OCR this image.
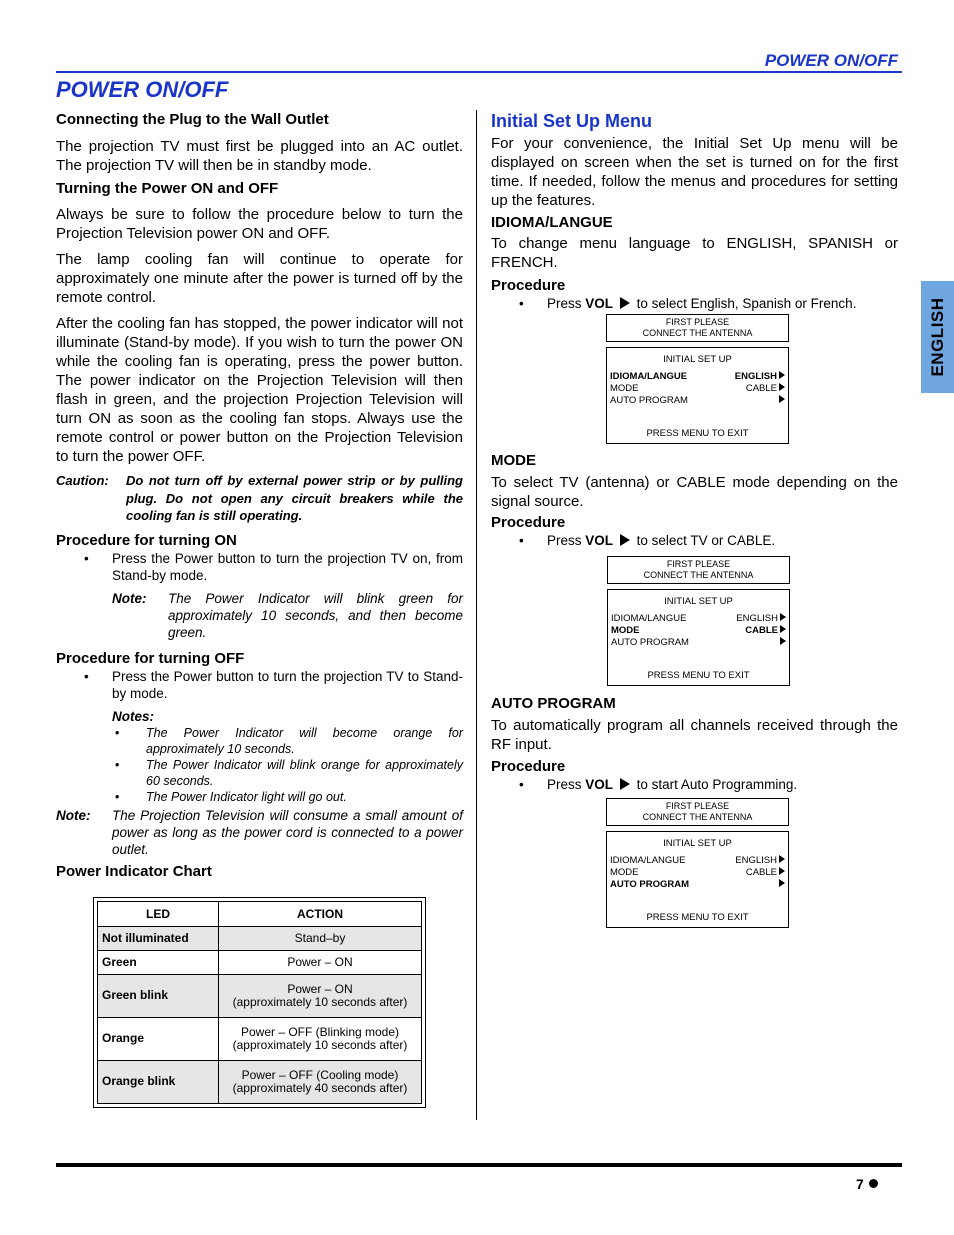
POWER ON/OFF
POWER ON/OFF
ENGLISH
Connecting the Plug to the Wall Outlet

The projection TV must first be plugged into an AC outlet. The projection TV will then be in standby mode.

Turning the Power ON and OFF

Always be sure to follow the procedure below to turn the Projection Television power ON and OFF.

The lamp cooling fan will continue to operate for approximately one minute after the power is turned off by the remote control.

After the cooling fan has stopped, the power indicator will not illuminate (Stand-by mode). If you wish to turn the power ON while the cooling fan is operating, press the power button. The power indicator on the Projection Television will then flash in green, and the projection Projection Television will turn ON as soon as the cooling fan stops. Always use the remote control or power button on the Projection Television to turn the power OFF.

Caution:	Do not turn off by external power strip or by pulling plug. Do not open any circuit breakers while the cooling fan is still operating.
Procedure for turning ON
• Press the Power button to turn the projection TV on, from Stand-by mode.
Note:	The Power Indicator will blink green for approximately 10 seconds, and then become green.
Procedure for turning OFF
• Press the Power button to turn the projection TV to Stand-by mode.
Notes:
• The Power Indicator will become orange for approximately 10 seconds.
• The Power Indicator will blink orange for approximately 60 seconds.
• The Power Indicator light will go out.
Note:	The Projection Television will consume a small amount of power as long as the power cord is connected to a power outlet.
Power Indicator Chart
LED	ACTION
Not illuminated	Stand–by

Green	Power – ON

Green blink	Power – ON
(approximately 10 seconds after)

Orange	Power – OFF (Blinking mode)
(approximately 10 seconds after)

Orange blink	Power – OFF (Cooling mode)
(approximately 40 seconds after)
Initial Set Up Menu

For your convenience, the Initial Set Up menu will be displayed on screen when the set is turned on for the first time. If needed, follow the menus and procedures for setting up the features.

IDIOMA/LANGUE

To change menu language to ENGLISH, SPANISH or FRENCH.

Procedure
• Press VOL to select English, Spanish or French.
FIRST PLEASE
CONNECT THE ANTENNA
INITIAL SET UP
IDIOMA/LANGUE	ENGLISH
MODE	CABLE
AUTO PROGRAM
PRESS MENU TO EXIT
MODE

To select TV (antenna) or CABLE mode depending on the signal source.

Procedure
• Press VOL to select TV or CABLE.
FIRST PLEASE
CONNECT THE ANTENNA
INITIAL SET UP
IDIOMA/LANGUE	ENGLISH
MODE	CABLE
AUTO PROGRAM
PRESS MENU TO EXIT
AUTO PROGRAM

To automatically program all channels received through the RF input.

Procedure
• Press VOL to start Auto Programming.
FIRST PLEASE
CONNECT THE ANTENNA
INITIAL SET UP
IDIOMA/LANGUE	ENGLISH
MODE	CABLE
AUTO PROGRAM
PRESS MENU TO EXIT
7
